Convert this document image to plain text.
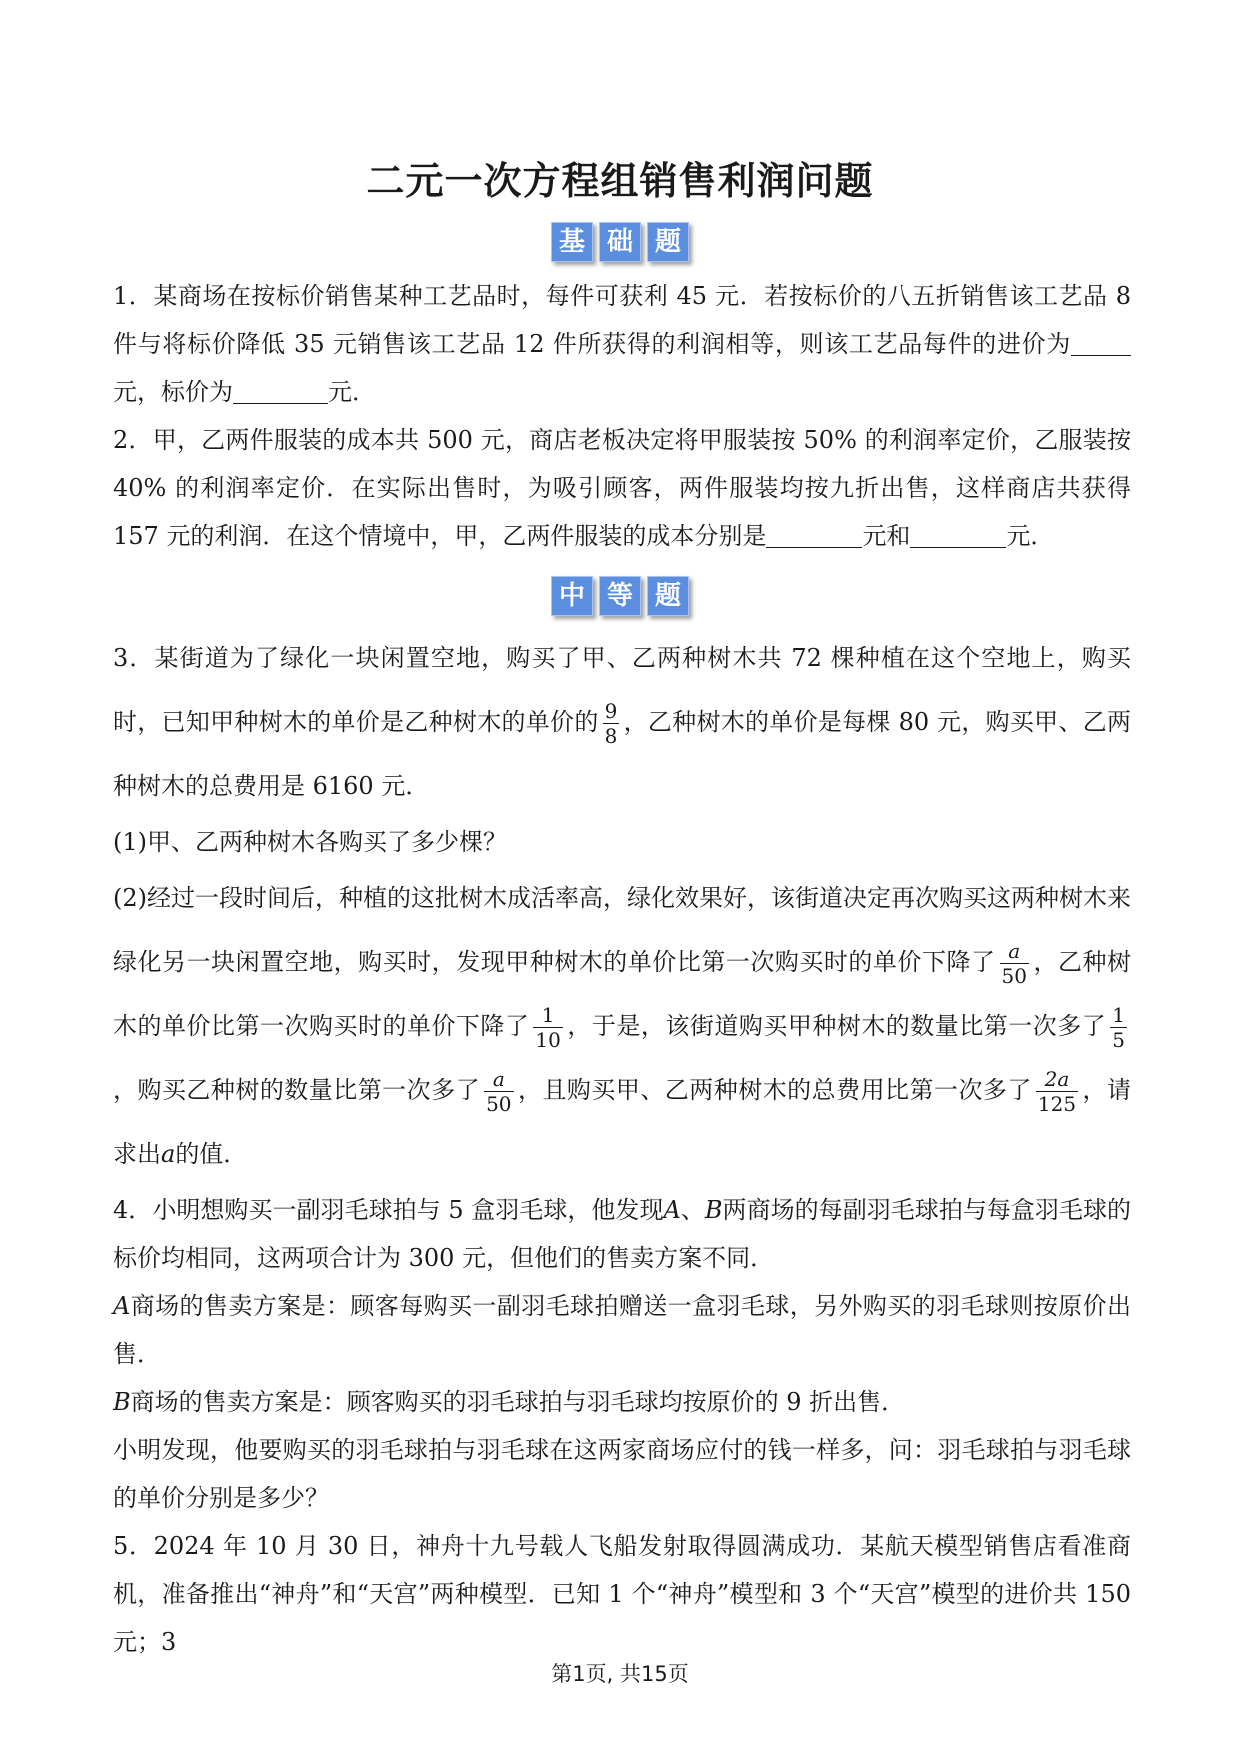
二元一次方程组销售利润问题
基 础 题

1．某商场在按标价销售某种工艺品时，每件可获利 45 元．若按标价的八五折销售该工艺品 8 件与将标价降低 35 元销售该工艺品 12 件所获得的利润相等，则该工艺品每件的进价为元，标价为	元．

2．甲，乙两件服装的成本共 500 元，商店老板决定将甲服装按 50% 的利润率定价，乙服装按 40% 的利润率定价．在实际出售时，为吸引顾客，两件服装均按九折出售，这样商店共获得 157 元的利润．在这个情境中，甲，乙两件服装的成本分别是	元和	元．

中 等 题

3．某街道为了绿化一块闲置空地，购买了甲、乙两种树木共 72 棵种植在这个空地上，购买时，已知甲种树木的单价是乙种树木的单价的 $\frac{9}{8}$ ，乙种树木的单价是每棵 80 元，购买甲、乙两种树木的总费用是 6160 元．

(1)甲、乙两种树木各购买了多少棵？

(2)经过一段时间后，种植的这批树木成活率高，绿化效果好，该街道决定再次购买这两种树木来绿化另一块闲置空地，购买时，发现甲种树木的单价比第一次购买时的单价下降了 $\frac{a}{50}$ ，乙种树木的单价比第一次购买时的单价下降了 $\frac{1}{10}$ ，于是，该街道购买甲种树木的数量比第一次多了 $\frac{1}{5}$
，购买乙种树的数量比第一次多了 $\frac{a}{50}$ ，且购买甲、乙两种树木的总费用比第一次多了 $\frac{2a}{125}$ ，请求出a的值．

4．小明想购买一副羽毛球拍与 5 盒羽毛球，他发现A、B两商场的每副羽毛球拍与每盒羽毛球的标价均相同，这两项合计为 300 元，但他们的售卖方案不同．

A商场的售卖方案是：顾客每购买一副羽毛球拍赠送一盒羽毛球，另外购买的羽毛球则按原价出售．

B商场的售卖方案是：顾客购买的羽毛球拍与羽毛球均按原价的 9 折出售．

小明发现，他要购买的羽毛球拍与羽毛球在这两家商场应付的钱一样多，问：羽毛球拍与羽毛球的单价分别是多少？

5．2024 年 10 月 30 日，神舟十九号载人飞船发射取得圆满成功．某航天模型销售店看准商机，准备推出“神舟”和“天宫”两种模型．已知 1 个“神舟”模型和 3 个“天宫”模型的进价共 150 元；3

第1页, 共15页
